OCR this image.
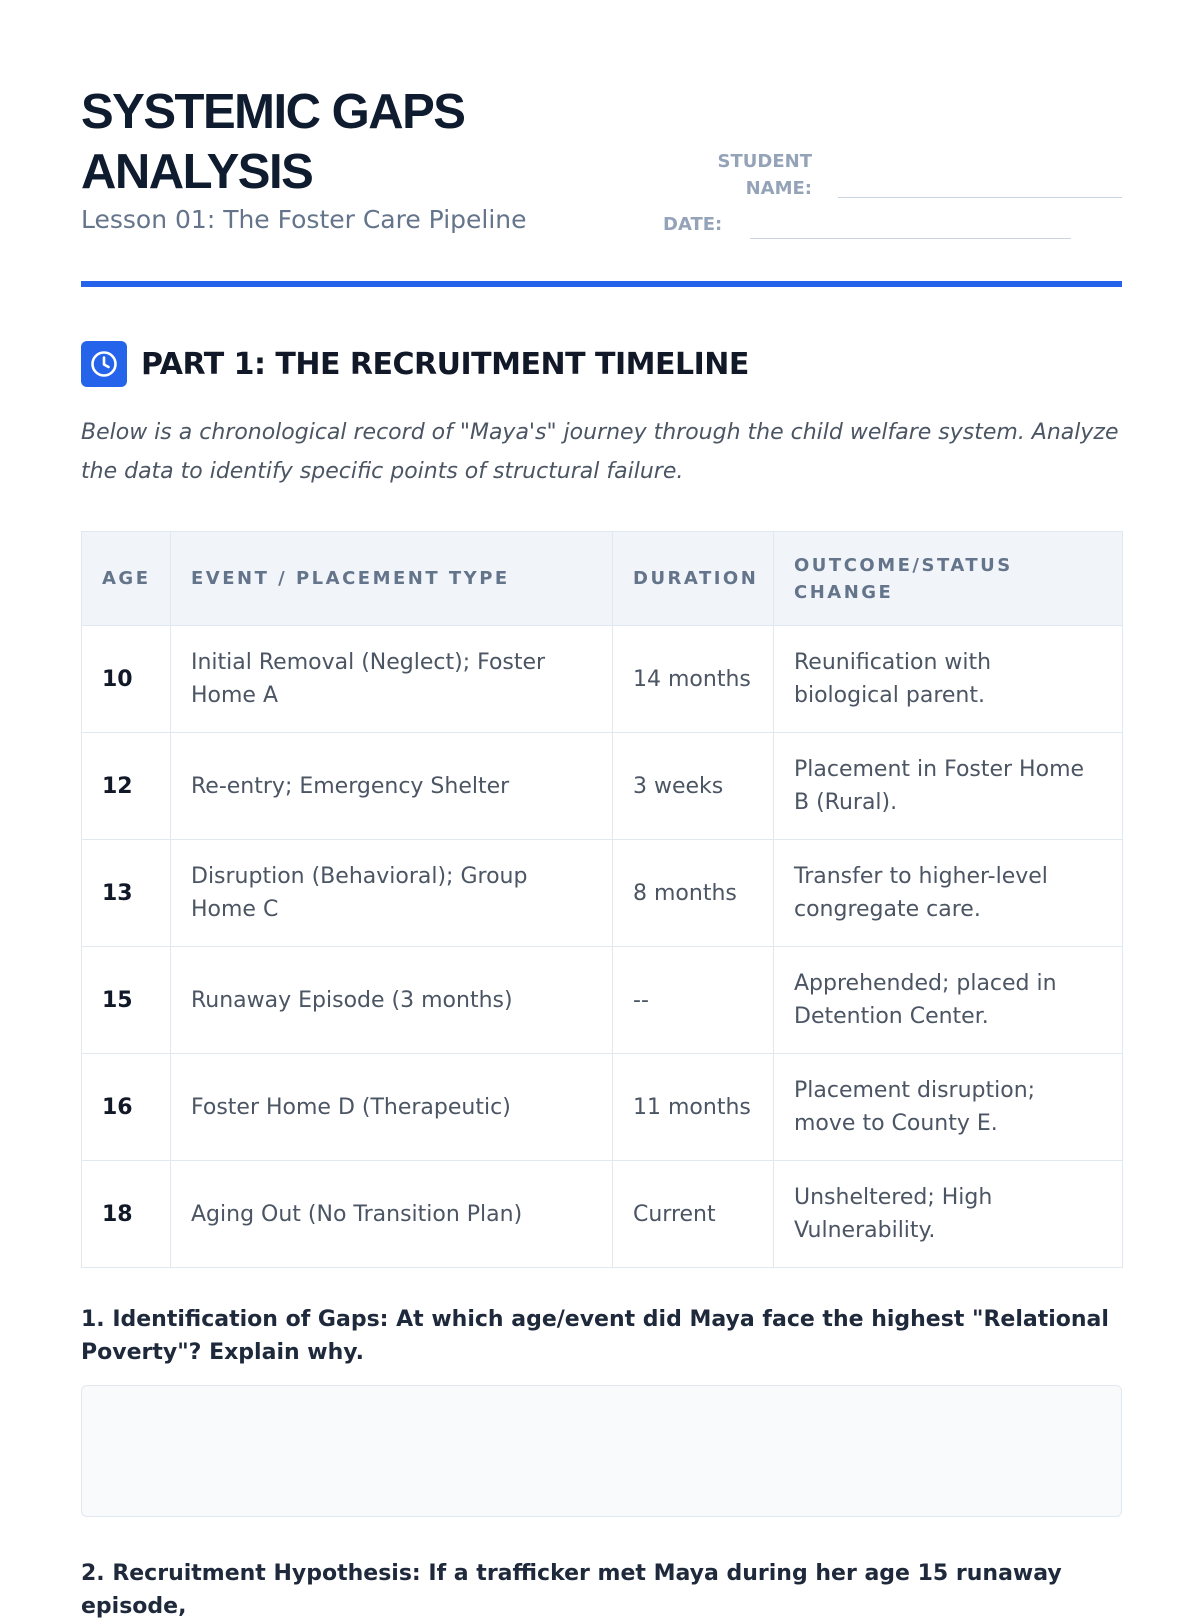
SYSTEMIC GAPS ANALYSIS

Lesson 01: The Foster Care Pipeline

STUDENT NAME:
DATE:
PART 1: THE RECRUITMENT TIMELINE

Below is a chronological record of "Maya's" journey through the child welfare system. Analyze the data to identify specific points of structural failure.

AGE	EVENT / PLACEMENT TYPE	DURATION	OUTCOME/STATUS CHANGE
10	Initial Removal (Neglect); Foster Home A	14 months	Reunification with biological parent.
12	Re-entry; Emergency Shelter	3 weeks	Placement in Foster Home B (Rural).
13	Disruption (Behavioral); Group Home C	8 months	Transfer to higher-level congregate care.
15	Runaway Episode (3 months)	--	Apprehended; placed in Detention Center.
16	Foster Home D (Therapeutic)	11 months	Placement disruption; move to County E.
18	Aging Out (No Transition Plan)	Current	Unsheltered; High Vulnerability.

1. Identification of Gaps: At which age/event did Maya face the highest "Relational Poverty"? Explain why.

2. Recruitment Hypothesis: If a trafficker met Maya during her age 15 runaway episode,
